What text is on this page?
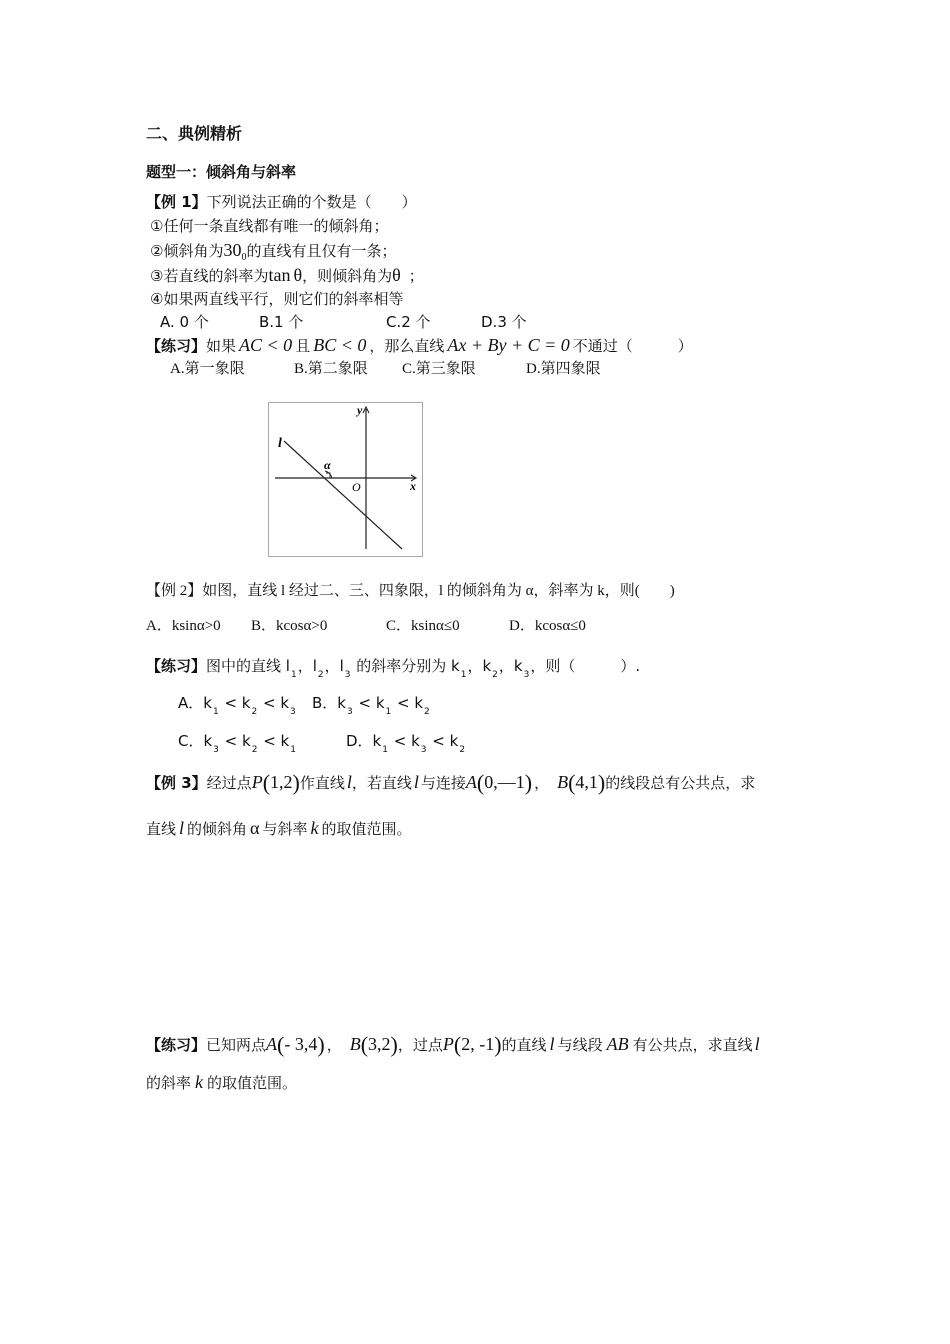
二、典例精析
题型一：倾斜角与斜率
【例 1】下列说法正确的个数是（　　）
①任何一条直线都有唯一的倾斜角；
②倾斜角为$30_0$的直线有且仅有一条；
③若直线的斜率为tan θ，则倾斜角为θ ；
④如果两直线平行，则它们的斜率相等
A. 0 个	B.1 个	C.2 个	D.3 个
【练习】如果 AC < 0 且 BC < 0 ，那么直线 Ax + By + C = 0 不通过（　　　）
A.第一象限	B.第二象限 C.第三象限	D.第四象限
y
x
O
l
α
【例 2】如图，直线 l 经过二、三、四象限，l 的倾斜角为 α，斜率为 k，则(　　)
A．ksinα>0 B．kcosα>0	C．ksinα≤0	D．kcosα≤0
【练习】图中的直线 $l_1$，$l_2$，$l_3$ 的斜率分别为 $k_1$，$k_2$，$k_3$，则（　　　）.
A．$k_1 < k_2 < k_3$ B．$k_3 < k_1 < k_2$
C．$k_3 < k_2 < k_1$	D．$k_1 < k_3 < k_2$
【例 3】经过点P(1,2)作直线 l，若直线 l 与连接A(0,—1) ， B(4,1)的线段总有公共点，求
直线 l 的倾斜角 α 与斜率 k 的取值范围。
【练习】已知两点A(- 3,4) ， B(3,2)，过点P(2, -1)的直线 l 与线段 AB 有公共点，求直线 l
的斜率 k 的取值范围。
